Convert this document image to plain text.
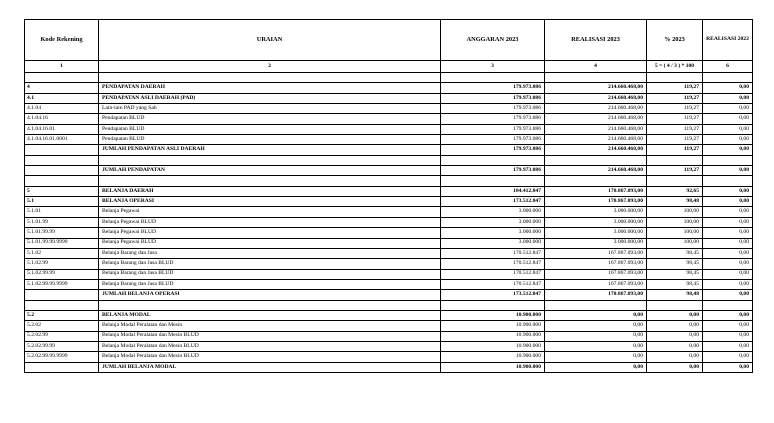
Kode Rekening	URAIAN	ANGGARAN 2023	REALISASI 2023	% 2023	REALISASI 2022
1	2	3	4	5 = ( 4 / 3 ) * 100	6

4	PENDAPATAN DAERAH	179.973.086	214.660.468,00	119,27	0,00
4.1	PENDAPATAN ASLI DAERAH (PAD)	179.973.086	214.660.468,00	119,27	0,00
4.1.04	Lain-lain PAD yang Sah	179.973.086	214.660.468,00	119,27	0,00
4.1.04.16	Pendapatan BLUD	179.973.086	214.660.468,00	119,27	0,00
4.1.04.16.01	Pendapatan BLUD	179.973.086	214.660.468,00	119,27	0,00
4.1.04.16.01.0001	Pendapatan BLUD	179.973.086	214.660.468,00	119,27	0,00
	JUMLAH PENDAPATAN ASLI DAERAH	179.973.086	214.660.468,00	119,27	0,00

	JUMLAH PENDAPATAN	179.973.086	214.660.468,00	119,27	0,00

5	BELANJA DAERAH	184.412.847	170.867.093,00	92,65	0,00
5.1	BELANJA OPERASI	173.512.847	170.867.093,00	98,48	0,00
5.1.01	Belanja Pegawai	3.000.000	3.000.000,00	100,00	0,00
5.1.01.99	Belanja Pegawai BLUD	3.000.000	3.000.000,00	100,00	0,00
5.1.01.99.99	Belanja Pegawai BLUD	3.000.000	3.000.000,00	100,00	0,00
5.1.01.99.99.9999	Belanja Pegawai BLUD	3.000.000	3.000.000,00	100,00	0,00
5.1.02	Belanja Barang dan Jasa	170.512.847	167.867.093,00	98,45	0,00
5.1.02.99	Belanja Barang dan Jasa BLUD	170.512.847	167.867.093,00	98,45	0,00
5.1.02.99.99	Belanja Barang dan Jasa BLUD	170.512.847	167.867.093,00	98,45	0,00
5.1.02.99.99.9999	Belanja Barang dan Jasa BLUD	170.512.847	167.867.093,00	98,45	0,00
	JUMLAH BELANJA OPERASI	173.512.847	170.867.093,00	98,48	0,00

5.2	BELANJA MODAL	10.900.000	0,00	0,00	0,00
5.2.02	Belanja Modal Peralatan dan Mesin	10.900.000	0,00	0,00	0,00
5.2.02.99	Belanja Modal Peralatan dan Mesin BLUD	10.900.000	0,00	0,00	0,00
5.2.02.99.99	Belanja Modal Peralatan dan Mesin BLUD	10.900.000	0,00	0,00	0,00
5.2.02.99.99.9999	Belanja Modal Peralatan dan Mesin BLUD	10.900.000	0,00	0,00	0,00
	JUMLAH BELANJA MODAL	10.900.000	0,00	0,00	0,00
